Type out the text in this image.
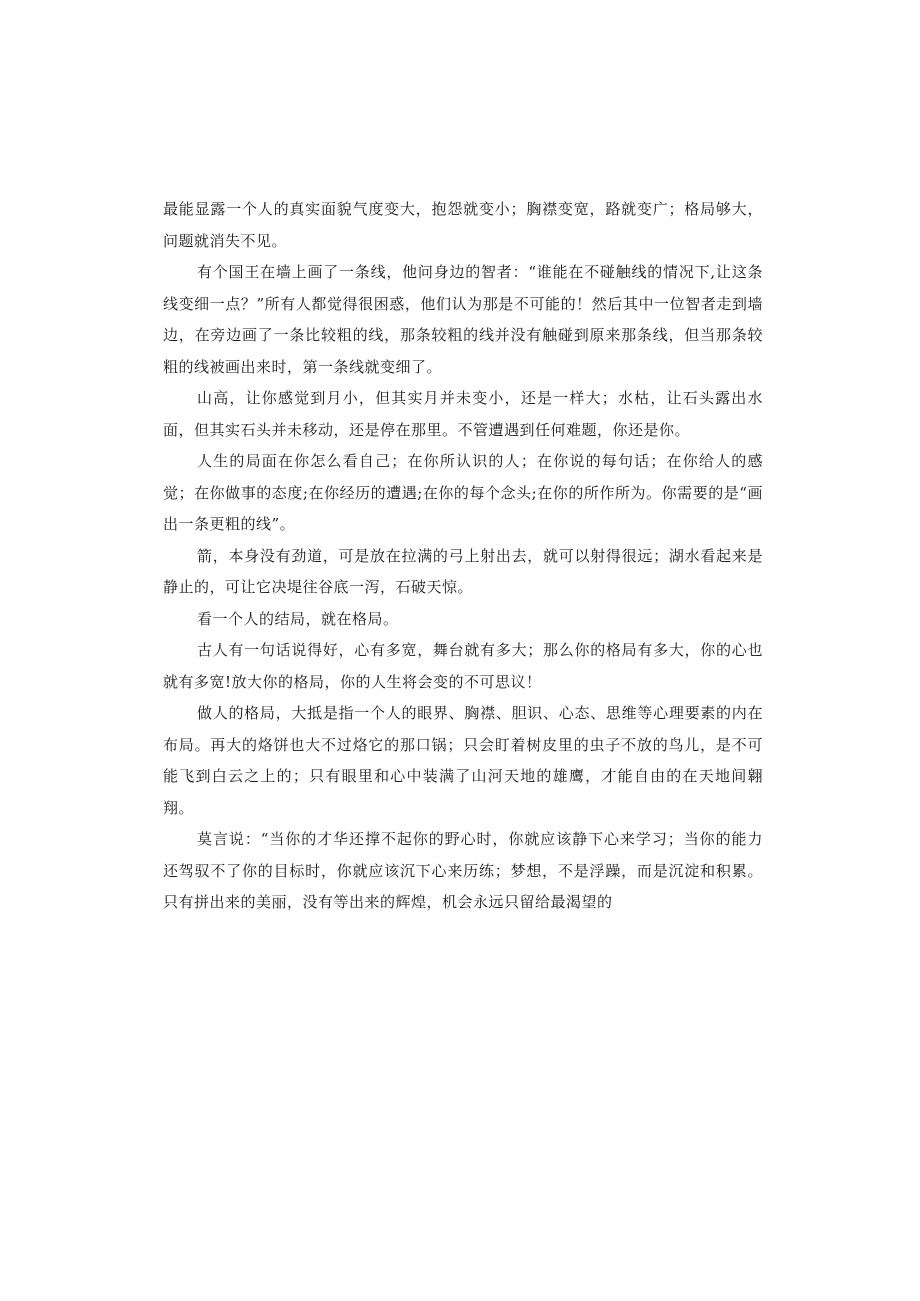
最能显露一个人的真实面貌气度变大，抱怨就变小；胸襟变宽，路就变广；格局够大，问题就消失不见。

有个国王在墙上画了一条线，他问身边的智者：“谁能在不碰触线的情况下,让这条线变细一点？”所有人都觉得很困惑，他们认为那是不可能的！然后其中一位智者走到墙边，在旁边画了一条比较粗的线，那条较粗的线并没有触碰到原来那条线，但当那条较粗的线被画出来时，第一条线就变细了。

山高，让你感觉到月小，但其实月并未变小，还是一样大；水枯，让石头露出水面，但其实石头并未移动，还是停在那里。不管遭遇到任何难题，你还是你。

人生的局面在你怎么看自己；在你所认识的人；在你说的每句话；在你给人的感觉；在你做事的态度;在你经历的遭遇;在你的每个念头;在你的所作所为。你需要的是“画出一条更粗的线”。

箭，本身没有劲道，可是放在拉满的弓上射出去，就可以射得很远；湖水看起来是静止的，可让它决堤往谷底一泻，石破天惊。

看一个人的结局，就在格局。

古人有一句话说得好，心有多宽，舞台就有多大；那么你的格局有多大，你的心也就有多宽!放大你的格局，你的人生将会变的不可思议！

做人的格局，大抵是指一个人的眼界、胸襟、胆识、心态、思维等心理要素的内在布局。再大的烙饼也大不过烙它的那口锅；只会盯着树皮里的虫子不放的鸟儿，是不可能飞到白云之上的；只有眼里和心中装满了山河天地的雄鹰，才能自由的在天地间翱翔。

莫言说：“当你的才华还撑不起你的野心时，你就应该静下心来学习；当你的能力还驾驭不了你的目标时，你就应该沉下心来历练；梦想，不是浮躁，而是沉淀和积累。只有拼出来的美丽，没有等出来的辉煌，机会永远只留给最渴望的
